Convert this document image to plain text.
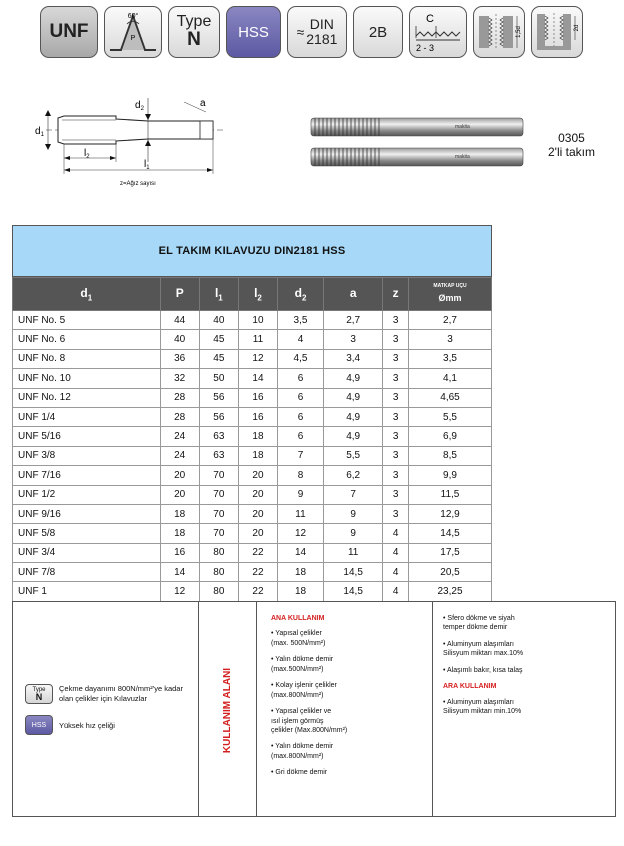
UNF
60°
P
Type
N HSS ≈ DIN
2181 2B
C
2 - 3
1,5d	2d
$d_1$
$d_2$	a
$l_2$
$l_1$
z=Ağız sayısı
makita
makita
0305
2'li takım
EL TAKIM KILAVUZU DIN2181 HSS
$d_1$	P	$l_1$	$l_2$	$d_2$	a	z	MATKAP UÇU
Ømm
UNF No. 5	44	40	10	3,5	2,7	3	2,7
UNF No. 6	40	45	11	4	3	3	3
UNF No. 8	36	45	12	4,5	3,4	3	3,5
UNF No. 10	32	50	14	6	4,9	3	4,1
UNF No. 12	28	56	16	6	4,9	3	4,65
UNF 1/4	28	56	16	6	4,9	3	5,5
UNF 5/16	24	63	18	6	4,9	3	6,9
UNF 3/8	24	63	18	7	5,5	3	8,5
UNF 7/16	20	70	20	8	6,2	3	9,9
UNF 1/2	20	70	20	9	7	3	11,5
UNF 9/16	18	70	20	11	9	3	12,9
UNF 5/8	18	70	20	12	9	4	14,5
UNF 3/4	16	80	22	14	11	4	17,5
UNF 7/8	14	80	22	18	14,5	4	20,5
UNF 1	12	80	22	18	14,5	4	23,25
Type
N
Çekme dayanımı 800N/mm²'ye kadar olan çelikler için Kılavuzlar
HSS	Yüksek hız çeliği	KULLANIM ALANI
ANA KULLANIM
• Yapısal çelikler
(max. 500N/mm²)
• Yalın dökme demir
(max.500N/mm²)
• Kolay işlenir çelikler
(max.800N/mm²)
• Yapısal çelikler ve
ısıl işlem görmüş
çelikler (Max.800N/mm²)
• Yalın dökme demir
(max.800N/mm²)
• Gri dökme demir
• Sfero dökme ve siyah
temper dökme demir
• Aluminyum alaşımları
Silisyum miktarı max.10%
• Alaşımlı bakır, kısa talaş
ARA KULLANIM
• Aluminyum alaşımları
Silisyum miktarı min.10%
